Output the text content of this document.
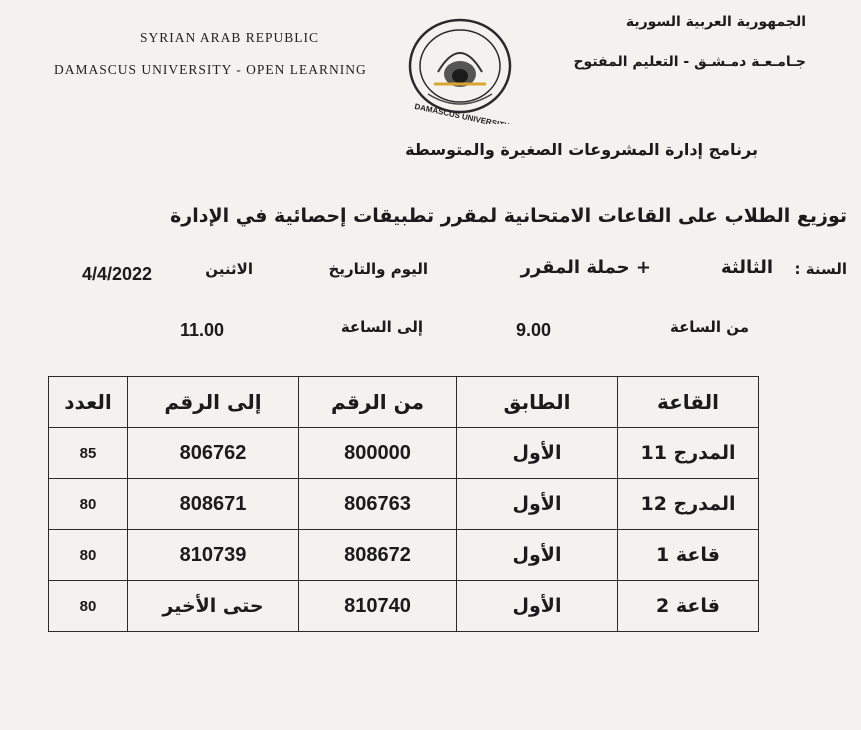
SYRIAN ARAB REPUBLIC
DAMASCUS UNIVERSITY - OPEN LEARNING
DAMASCUS UNIVERSITY
الجمهورية العربية السورية
جـامـعـة دمـشـق - التعليم المفتوح
برنامج إدارة المشروعات الصغيرة والمتوسطة
توزيع الطلاب على القاعات الامتحانية لمقرر تطبيقات إحصائية في الإدارة
السنة :
الثالثة
+ حملة المقرر
اليوم والتاريخ
الاثنين
4/4/2022
من الساعة
9.00
إلى الساعة
11.00
القاعة	الطابق	من الرقم	إلى الرقم	العدد
المدرج 11	الأول	800000	806762	85
المدرج 12	الأول	806763	808671	80
قاعة 1	الأول	808672	810739	80
قاعة 2	الأول	810740	حتى الأخير	80
